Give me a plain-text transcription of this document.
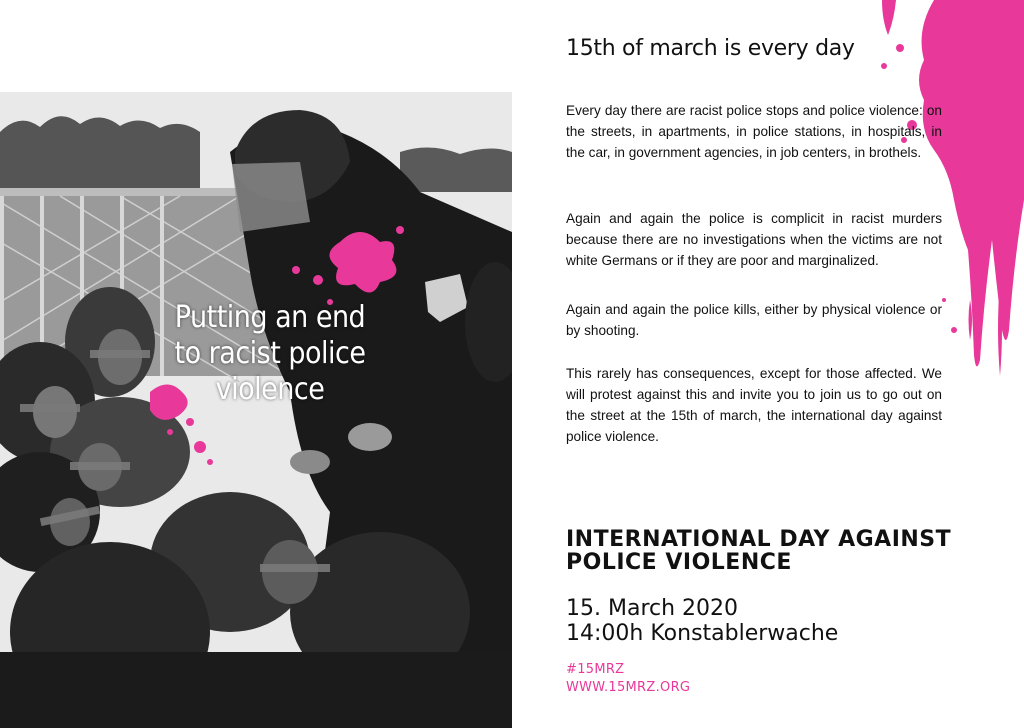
Putting an end
to racist police
violence
15th of march is every day

Every day there are racist police stops and police violence: on the streets, in apartments, in police stations, in hospitals, in the car, in government agencies, in job centers, in brothels.

Again and again the police is complicit in racist murders because there are no investigations when the victims are not white Germans or if they are poor and marginalized.

Again and again the police kills, either by physical violence or by shooting.

This rarely has consequences, except for those affected. We will protest against this and invite you to join us to go out on the street at the 15th of march, the international day against police violence.

INTERNATIONAL DAY AGAINST
POLICE VIOLENCE
15. March 2020
14:00h Konstablerwache
#15MRZ
WWW.15MRZ.ORG
